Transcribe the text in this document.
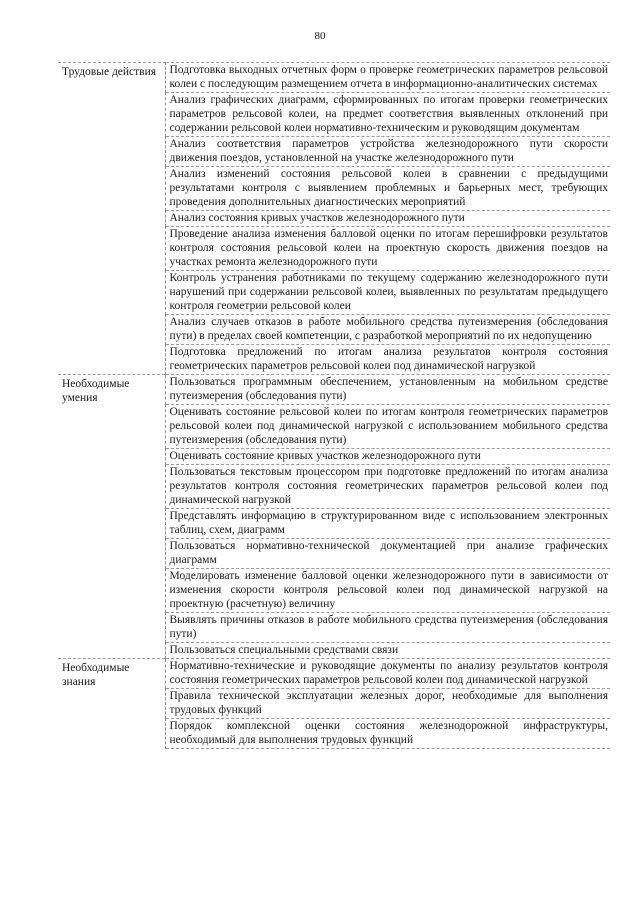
80
Трудовые действия	Подготовка выходных отчетных форм о проверке геометрических параметров рельсовой колеи с последующим размещением отчета в информационно-аналитических системах
	Анализ графических диаграмм, сформированных по итогам проверки геометрических параметров рельсовой колеи, на предмет соответствия выявленных отклонений при содержании рельсовой колеи нормативно-техническим и руководящим документам
	Анализ соответствия параметров устройства железнодорожного пути скорости движения поездов, установленной на участке железнодорожного пути
	Анализ изменений состояния рельсовой колеи в сравнении с предыдущими результатами контроля с выявлением проблемных и барьерных мест, требующих проведения дополнительных диагностических мероприятий
	Анализ состояния кривых участков железнодорожного пути
	Проведение анализа изменения балловой оценки по итогам перешифровки результатов контроля состояния рельсовой колеи на проектную скорость движения поездов на участках ремонта железнодорожного пути
	Контроль устранения работниками по текущему содержанию железнодорожного пути нарушений при содержании рельсовой колеи, выявленных по результатам предыдущего контроля геометрии рельсовой колеи
	Анализ случаев отказов в работе мобильного средства путеизмерения (обследования пути) в пределах своей компетенции, с разработкой мероприятий по их недопущению
	Подготовка предложений по итогам анализа результатов контроля состояния геометрических параметров рельсовой колеи под динамической нагрузкой
Необходимые умения	Пользоваться программным обеспечением, установленным на мобильном средстве путеизмерения (обследования пути)
	Оценивать состояние рельсовой колеи по итогам контроля геометрических параметров рельсовой колеи под динамической нагрузкой с использованием мобильного средства путеизмерения (обследования пути)
	Оценивать состояние кривых участков железнодорожного пути
	Пользоваться текстовым процессором при подготовке предложений по итогам анализа результатов контроля состояния геометрических параметров рельсовой колеи под динамической нагрузкой
	Представлять информацию в структурированном виде с использованием электронных таблиц, схем, диаграмм
	Пользоваться нормативно-технической документацией при анализе графических диаграмм
	Моделировать изменение балловой оценки железнодорожного пути в зависимости от изменения скорости контроля рельсовой колеи под динамической нагрузкой на проектную (расчетную) величину
	Выявлять причины отказов в работе мобильного средства путеизмерения (обследования пути)
	Пользоваться специальными средствами связи
Необходимые знания	Нормативно-технические и руководящие документы по анализу результатов контроля состояния геометрических параметров рельсовой колеи под динамической нагрузкой
	Правила технической эксплуатации железных дорог, необходимые для выполнения трудовых функций
	Порядок комплексной оценки состояния железнодорожной инфраструктуры, необходимый для выполнения трудовых функций
